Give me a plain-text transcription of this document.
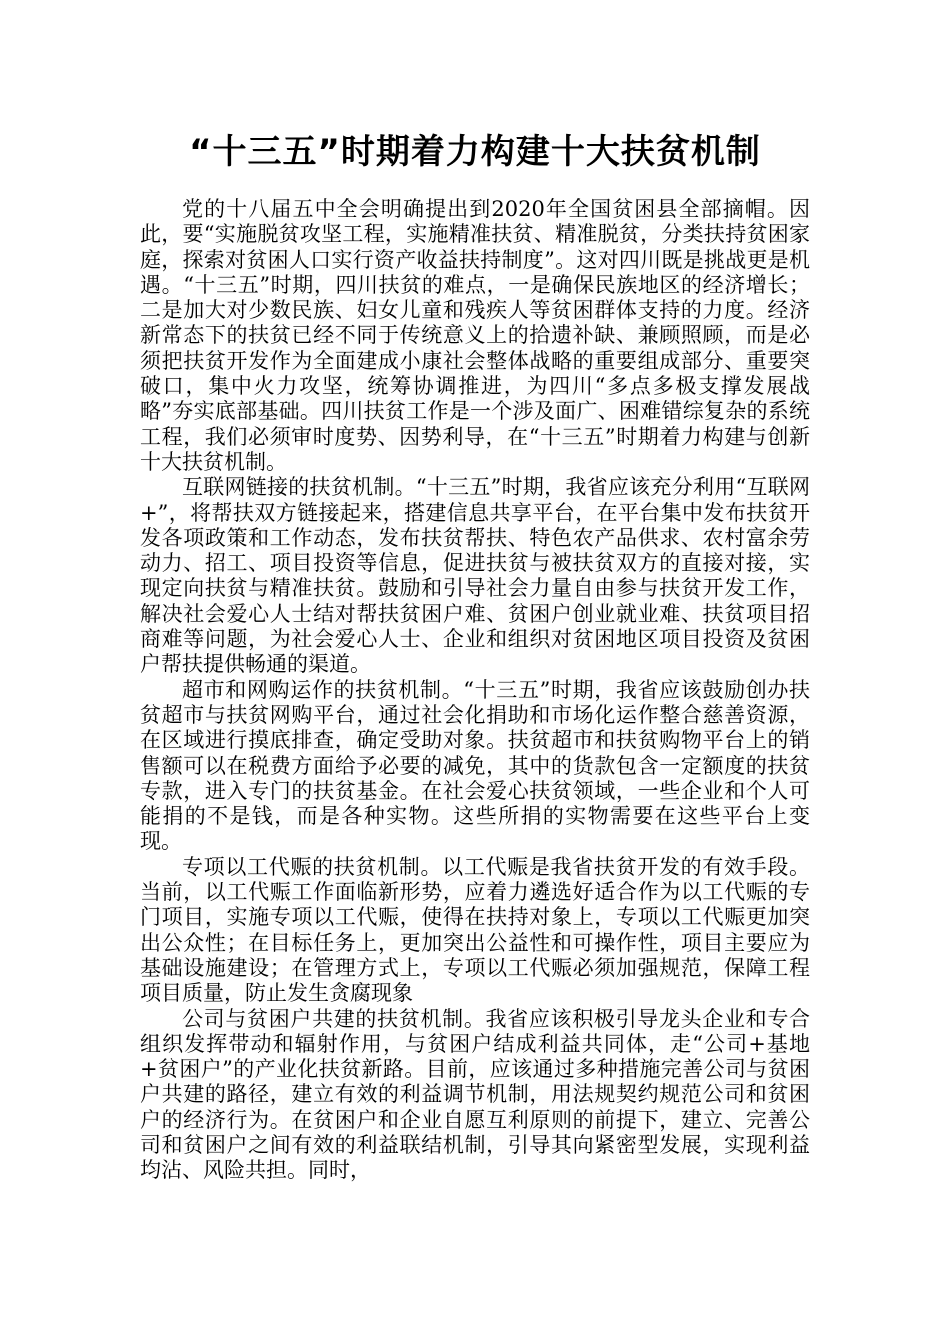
“十三五”时期着力构建十大扶贫机制

党的十八届五中全会明确提出到2020年全国贫困县全部摘帽。因此，要“实施脱贫攻坚工程，实施精准扶贫、精准脱贫，分类扶持贫困家庭，探索对贫困人口实行资产收益扶持制度”。这对四川既是挑战更是机遇。“十三五”时期，四川扶贫的难点，一是确保民族地区的经济增长；二是加大对少数民族、妇女儿童和残疾人等贫困群体支持的力度。经济新常态下的扶贫已经不同于传统意义上的拾遗补缺、兼顾照顾，而是必须把扶贫开发作为全面建成小康社会整体战略的重要组成部分、重要突破口，集中火力攻坚，统筹协调推进，为四川“多点多极支撑发展战略”夯实底部基础。四川扶贫工作是一个涉及面广、困难错综复杂的系统工程，我们必须审时度势、因势利导，在“十三五”时期着力构建与创新十大扶贫机制。

互联网链接的扶贫机制。“十三五”时期，我省应该充分利用“互联网+”，将帮扶双方链接起来，搭建信息共享平台，在平台集中发布扶贫开发各项政策和工作动态，发布扶贫帮扶、特色农产品供求、农村富余劳动力、招工、项目投资等信息，促进扶贫与被扶贫双方的直接对接，实现定向扶贫与精准扶贫。鼓励和引导社会力量自由参与扶贫开发工作，解决社会爱心人士结对帮扶贫困户难、贫困户创业就业难、扶贫项目招商难等问题，为社会爱心人士、企业和组织对贫困地区项目投资及贫困户帮扶提供畅通的渠道。

超市和网购运作的扶贫机制。“十三五”时期，我省应该鼓励创办扶贫超市与扶贫网购平台，通过社会化捐助和市场化运作整合慈善资源，在区域进行摸底排查，确定受助对象。扶贫超市和扶贫购物平台上的销售额可以在税费方面给予必要的减免，其中的货款包含一定额度的扶贫专款，进入专门的扶贫基金。在社会爱心扶贫领域，一些企业和个人可能捐的不是钱，而是各种实物。这些所捐的实物需要在这些平台上变现。

专项以工代赈的扶贫机制。以工代赈是我省扶贫开发的有效手段。当前，以工代赈工作面临新形势，应着力遴选好适合作为以工代赈的专门项目，实施专项以工代赈，使得在扶持对象上，专项以工代赈更加突出公众性；在目标任务上，更加突出公益性和可操作性，项目主要应为基础设施建设；在管理方式上，专项以工代赈必须加强规范，保障工程项目质量，防止发生贪腐现象

公司与贫困户共建的扶贫机制。我省应该积极引导龙头企业和专合组织发挥带动和辐射作用，与贫困户结成利益共同体，走“公司+基地+贫困户”的产业化扶贫新路。目前，应该通过多种措施完善公司与贫困户共建的路径，建立有效的利益调节机制，用法规契约规范公司和贫困户的经济行为。在贫困户和企业自愿互利原则的前提下，建立、完善公司和贫困户之间有效的利益联结机制，引导其向紧密型发展，实现利益均沾、风险共担。同时，
